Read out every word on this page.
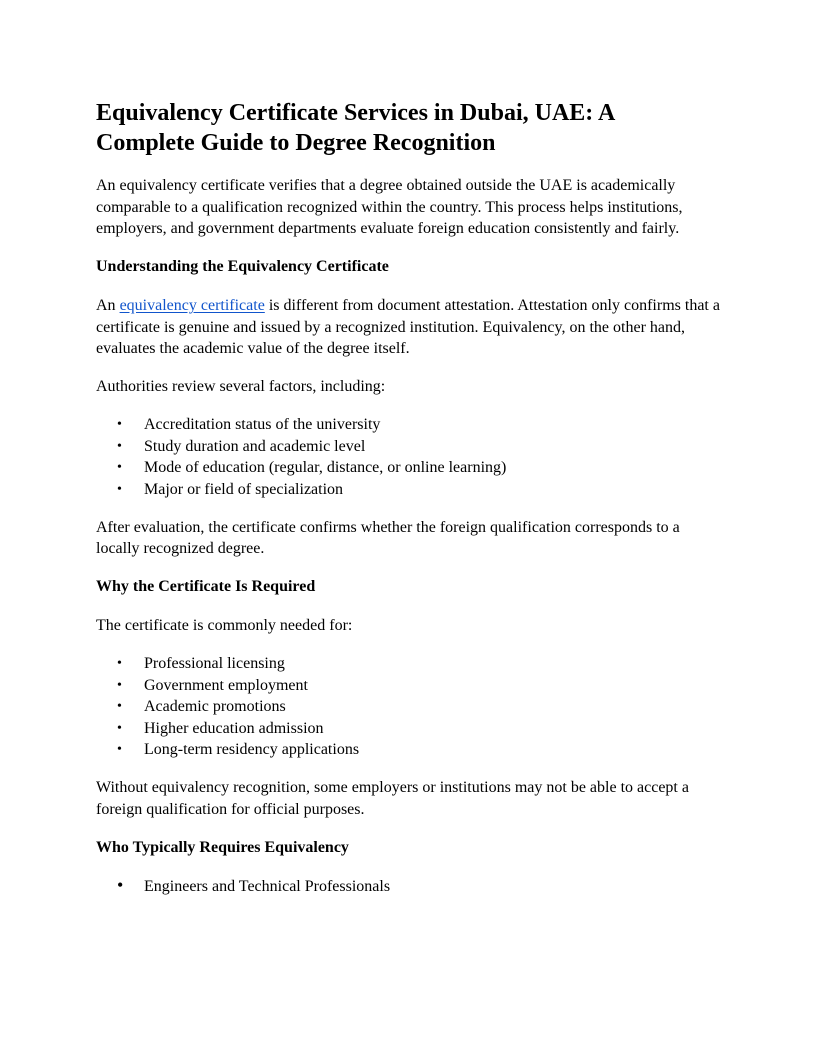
Equivalency Certificate Services in Dubai, UAE: A Complete Guide to Degree Recognition

An equivalency certificate verifies that a degree obtained outside the UAE is academically comparable to a qualification recognized within the country. This process helps institutions, employers, and government departments evaluate foreign education consistently and fairly.

Understanding the Equivalency Certificate

An equivalency certificate is different from document attestation. Attestation only confirms that a certificate is genuine and issued by a recognized institution. Equivalency, on the other hand, evaluates the academic value of the degree itself.

Authorities review several factors, including:

• Accreditation status of the university
• Study duration and academic level
• Mode of education (regular, distance, or online learning)
• Major or field of specialization

After evaluation, the certificate confirms whether the foreign qualification corresponds to a locally recognized degree.

Why the Certificate Is Required

The certificate is commonly needed for:

• Professional licensing
• Government employment
• Academic promotions
• Higher education admission
• Long-term residency applications

Without equivalency recognition, some employers or institutions may not be able to accept a foreign qualification for official purposes.

Who Typically Requires Equivalency
• Engineers and Technical Professionals
